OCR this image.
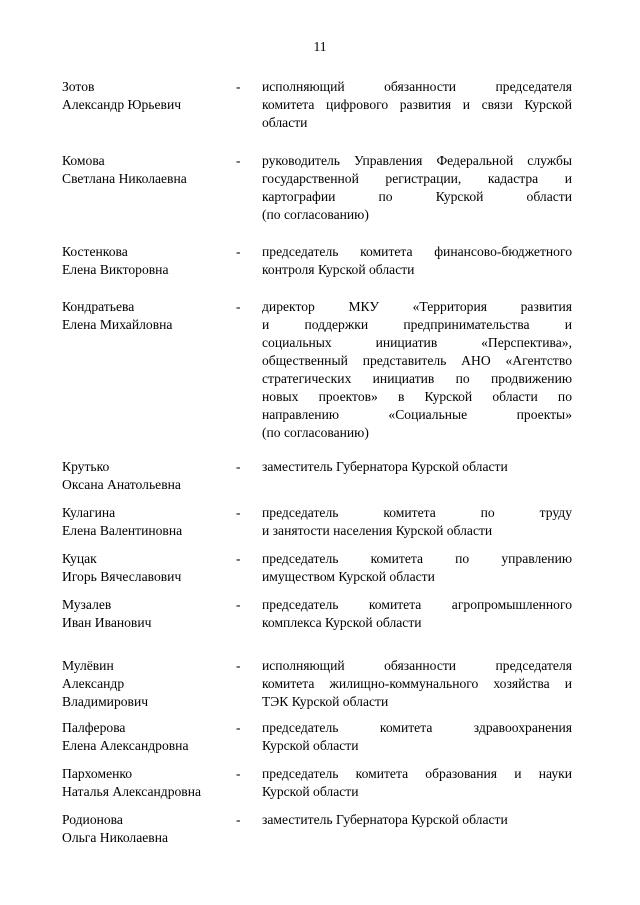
11
Зотов
Александр Юрьевич
-	исполняющий обязанности председателя
комитета цифрового развития и связи Курской
области
Комова
Светлана Николаевна
-	руководитель Управления Федеральной службы
государственной регистрации, кадастра и
картографии по Курской области
(по согласованию)
Костенкова
Елена Викторовна
-	председатель комитета финансово-бюджетного
контроля Курской области
Кондратьева
Елена Михайловна
-	директор МКУ «Территория развития
и поддержки предпринимательства и
социальных инициатив «Перспектива»,
общественный представитель АНО «Агентство
стратегических инициатив по продвижению
новых проектов» в Курской области по
направлению «Социальные проекты»
(по согласованию)
Крутько
Оксана Анатольевна
-	заместитель Губернатора Курской области
Кулагина
Елена Валентиновна
-	председатель комитета по труду
и занятости населения Курской области
Куцак
Игорь Вячеславович
-	председатель комитета по управлению
имуществом Курской области
Музалев
Иван Иванович
-	председатель комитета агропромышленного
комплекса Курской области
Мулёвин
Александр
Владимирович
-	исполняющий обязанности председателя
комитета жилищно-коммунального хозяйства и
ТЭК Курской области
Палферова
Елена Александровна
-	председатель комитета здравоохранения
Курской области
Пархоменко
Наталья Александровна
-	председатель комитета образования и науки
Курской области
Родионова
Ольга Николаевна
-	заместитель Губернатора Курской области
